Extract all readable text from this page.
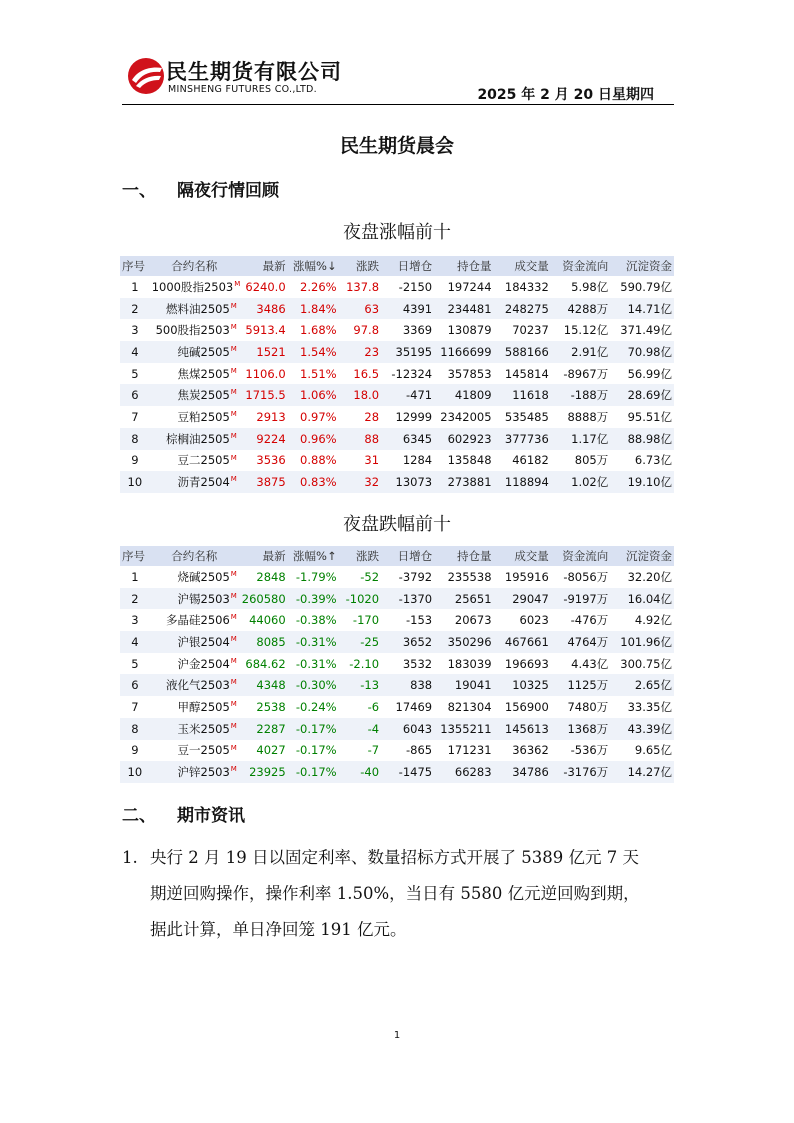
民生期货有限公司
MINSHENG FUTURES CO.,LTD.	2025 年 2 月 20 日星期四
民生期货晨会
一、 隔夜行情回顾
夜盘涨幅前十
序号	合约名称	最新	涨幅%↓	涨跌	日增仓	持仓量	成交量	资金流向	沉淀资金
1	1000股指$2503^M$	6240.0	2.26%	137.8	-2150	197244	184332	5.98亿	590.79亿
2	燃料油$2505^M$	3486	1.84%	63	4391	234481	248275	4288万	14.71亿
3	500股指$2503^M$	5913.4	1.68%	97.8	3369	130879	70237	15.12亿	371.49亿
4	纯碱$2505^M$	1521	1.54%	23	35195	1166699	588166	2.91亿	70.98亿
5	焦煤$2505^M$	1106.0	1.51%	16.5	-12324	357853	145814	-8967万	56.99亿
6	焦炭$2505^M$	1715.5	1.06%	18.0	-471	41809	11618	-188万	28.69亿
7	豆粕$2505^M$	2913	0.97%	28	12999	2342005	535485	8888万	95.51亿
8	棕榈油$2505^M$	9224	0.96%	88	6345	602923	377736	1.17亿	88.98亿
9	豆二$2505^M$	3536	0.88%	31	1284	135848	46182	805万	6.73亿
10	沥青$2504^M$	3875	0.83%	32	13073	273881	118894	1.02亿	19.10亿
夜盘跌幅前十
序号	合约名称	最新	涨幅%↑	涨跌	日增仓	持仓量	成交量	资金流向	沉淀资金
1	烧碱$2505^M$	2848	-1.79%	-52	-3792	235538	195916	-8056万	32.20亿
2	沪锡$2503^M$	260580	-0.39%	-1020	-1370	25651	29047	-9197万	16.04亿
3	多晶硅$2506^M$	44060	-0.38%	-170	-153	20673	6023	-476万	4.92亿
4	沪银$2504^M$	8085	-0.31%	-25	3652	350296	467661	4764万	101.96亿
5	沪金$2504^M$	684.62	-0.31%	-2.10	3532	183039	196693	4.43亿	300.75亿
6	液化气$2503^M$	4348	-0.30%	-13	838	19041	10325	1125万	2.65亿
7	甲醇$2505^M$	2538	-0.24%	-6	17469	821304	156900	7480万	33.35亿
8	玉米$2505^M$	2287	-0.17%	-4	6043	1355211	145613	1368万	43.39亿
9	豆一$2505^M$	4027	-0.17%	-7	-865	171231	36362	-536万	9.65亿
10	沪锌$2503^M$	23925	-0.17%	-40	-1475	66283	34786	-3176万	14.27亿
二、 期市资讯
1. 央行 2 月 19 日以固定利率、数量招标方式开展了 5389 亿元 7 天
期逆回购操作，操作利率 1.50%，当日有 5580 亿元逆回购到期，
据此计算，单日净回笼 191 亿元。
1
